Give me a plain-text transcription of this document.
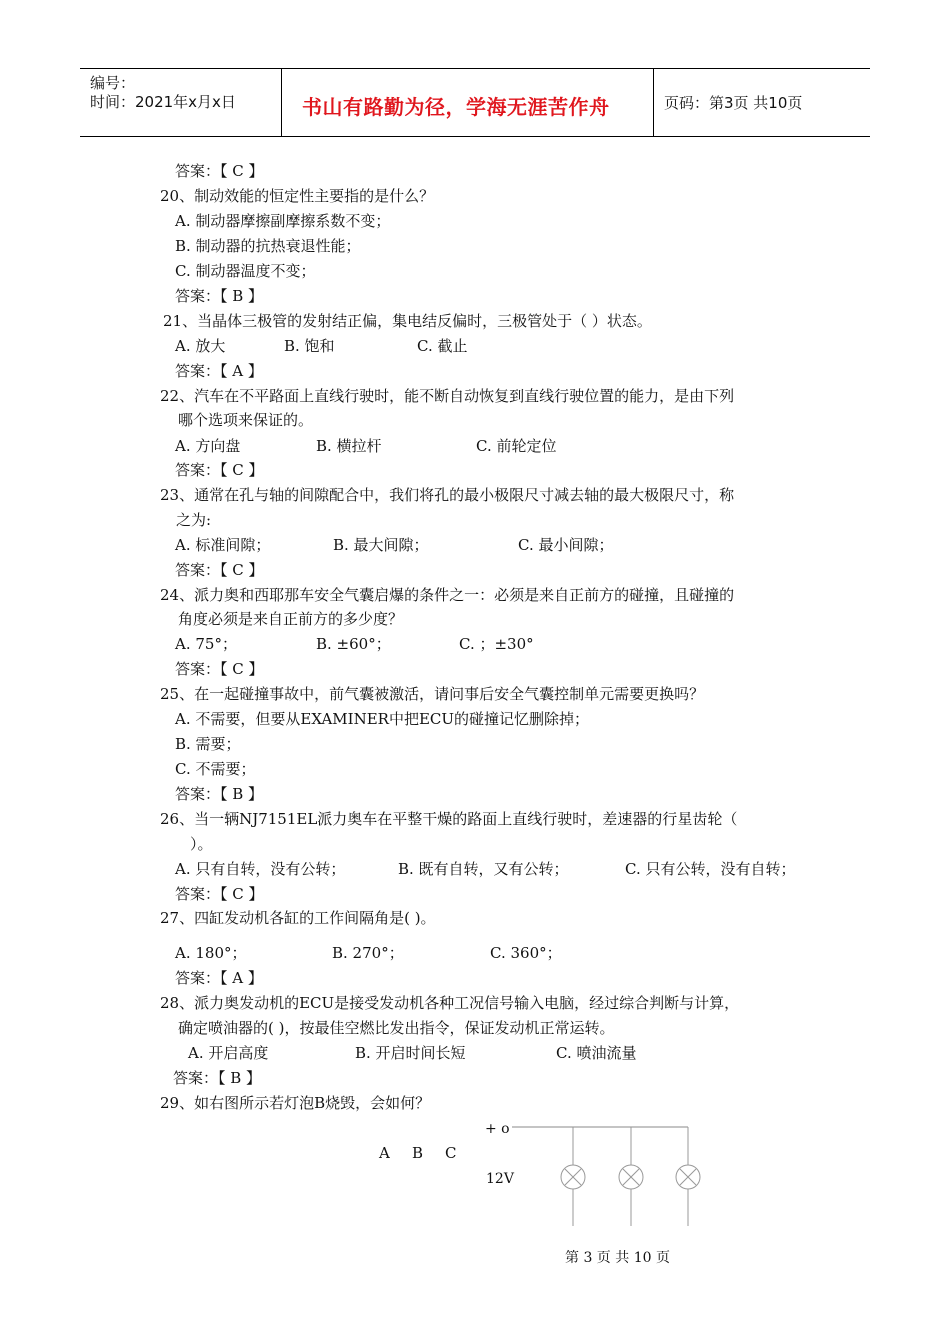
编号：
时间：2021年x月x日	书山有路勤为径，学海无涯苦作舟	页码：第3页 共10页
答案：【 C 】
20、制动效能的恒定性主要指的是什么？
A. 制动器摩擦副摩擦系数不变；
B. 制动器的抗热衰退性能；
C. 制动器温度不变；
答案：【 B 】
21、当晶体三极管的发射结正偏，集电结反偏时，三极管处于（ ）状态。
A. 放大	B. 饱和	C. 截止
答案：【 A 】
22、汽车在不平路面上直线行驶时，能不断自动恢复到直线行驶位置的能力，是由下列
哪个选项来保证的。
A. 方向盘	B. 横拉杆	C. 前轮定位
答案：【 C 】
23、通常在孔与轴的间隙配合中，我们将孔的最小极限尺寸减去轴的最大极限尺寸，称
之为:
A. 标准间隙；	B. 最大间隙；	C. 最小间隙；
答案：【 C 】
24、派力奥和西耶那车安全气囊启爆的条件之一：必须是来自正前方的碰撞，且碰撞的
角度必须是来自正前方的多少度？
A. 75°；	B. ±60°；	C. ；±30°
答案：【 C 】
25、在一起碰撞事故中，前气囊被激活，请问事后安全气囊控制单元需要更换吗？
A. 不需要，但要从EXAMINER中把ECU的碰撞记忆删除掉；
B. 需要；
C. 不需要；
答案：【 B 】
26、当一辆NJ7151EL派力奥车在平整干燥的路面上直线行驶时，差速器的行星齿轮（
）。
A. 只有自转，没有公转；	B. 既有自转，又有公转；	C. 只有公转，没有自转；
答案：【 C 】
27、四缸发动机各缸的工作间隔角是( )。
A. 180°；	B. 270°；	C. 360°；
答案：【 A 】
28、派力奥发动机的ECU是接受发动机各种工况信号输入电脑，经过综合判断与计算，
确定喷油器的( )，按最佳空燃比发出指令，保证发动机正常运转。
A. 开启高度	B. 开启时间长短	C. 喷油流量
答案：【 B 】
29、如右图所示若灯泡B烧毁，会如何？
+ o
A B C
12V
第 3 页 共 10 页
